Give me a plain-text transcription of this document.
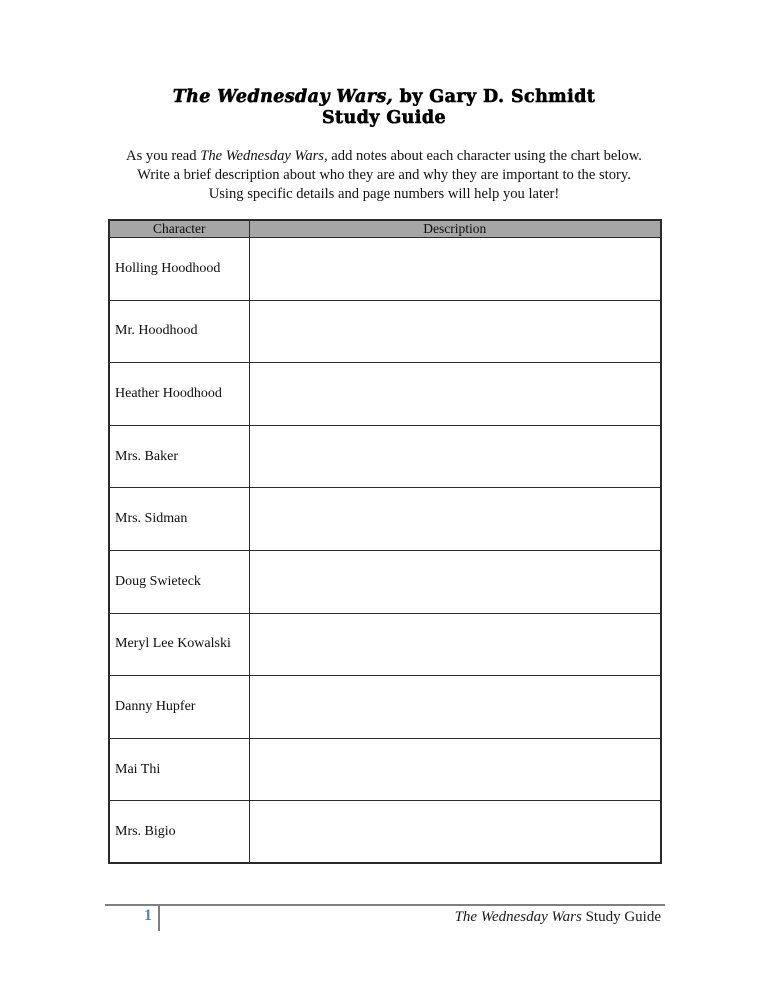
The Wednesday Wars, by Gary D. Schmidt
Study Guide
As you read The Wednesday Wars, add notes about each character using the chart below.
Write a brief description about who they are and why they are important to the story.
Using specific details and page numbers will help you later!
Character	Description
Holling Hoodhood	
Mr. Hoodhood	
Heather Hoodhood	
Mrs. Baker	
Mrs. Sidman	
Doug Swieteck	
Meryl Lee Kowalski	
Danny Hupfer	
Mai Thi	
Mrs. Bigio	
1	The Wednesday Wars Study Guide
